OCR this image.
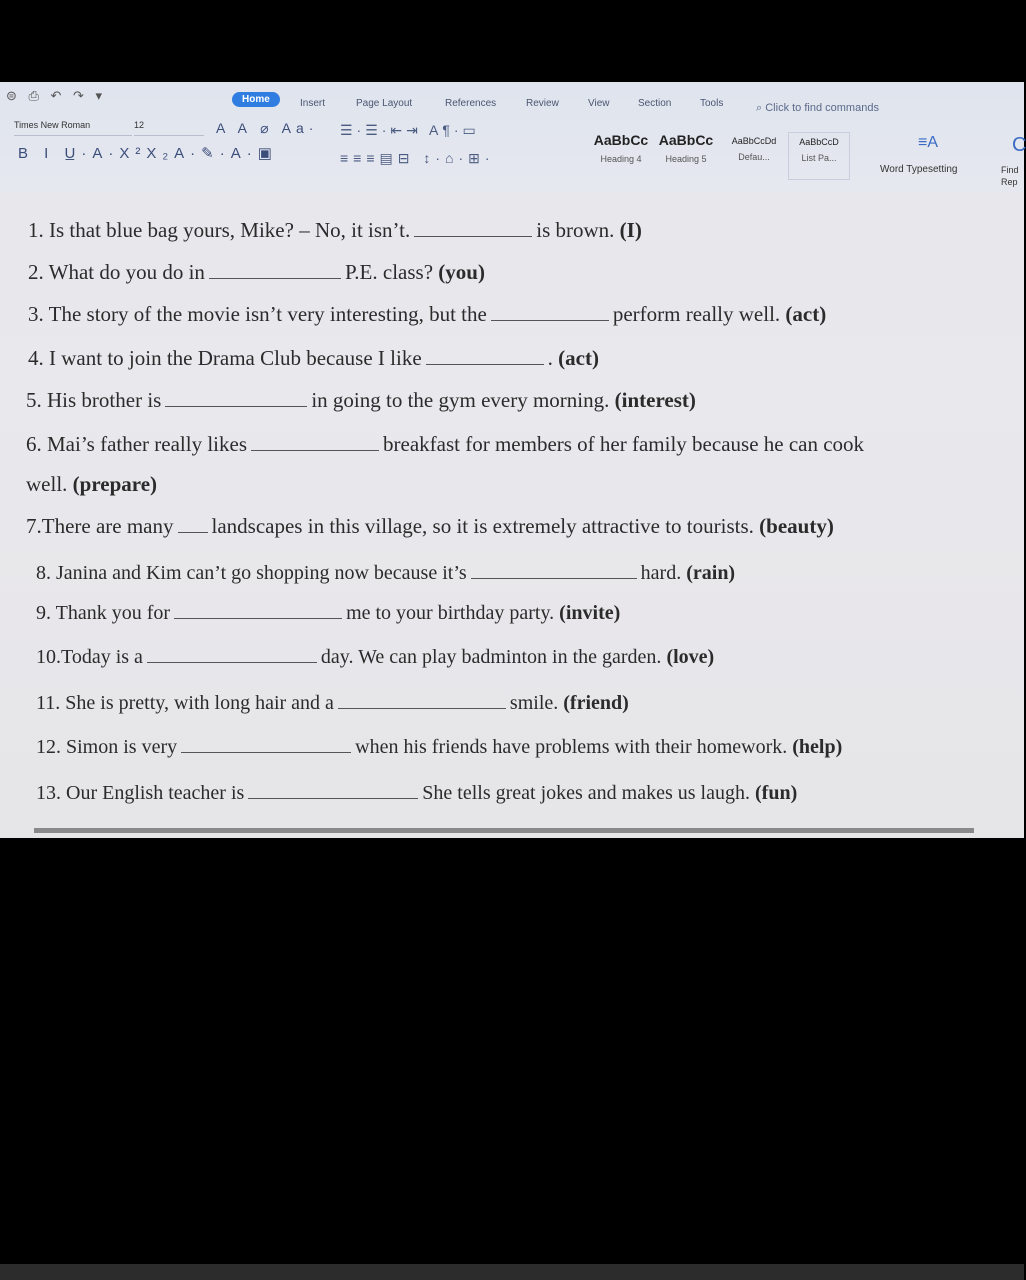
⊜ ⎙ ↶ ↷ ▾	Home	Insert	Page Layout	References	Review	View	Section	Tools	⌕ Click to find commands
Times New Roman	12
B I U̲·A·X²X₂A·✎·A·▣
A A ⌀ Aa· ☰·☰·⇤⇥ A¶·▭
≡≡≡▤⊟ ↕·⌂·⊞·
AaBbCc
Heading 4
AaBbCc
Heading 5
AaBbCcDd
Defau...
AaBbCcD
List Pa...
≡A
Word Typesetting
C
Find Rep
1. Is that blue bag yours, Mike? – No, it isn’t.	is brown. (I)
2. What do you do in	P.E. class? (you)
3. The story of the movie isn’t very interesting, but the	perform really well. (act)
4. I want to join the Drama Club because I like	. (act)
5. His brother is	in going to the gym every morning. (interest)
6. Mai’s father really likes	breakfast for members of her family because he can cook
well. (prepare)
7.There are many landscapes in this village, so it is extremely attractive to tourists. (beauty)
8. Janina and Kim can’t go shopping now because it’s	hard. (rain)
9. Thank you for	me to your birthday party. (invite)
10.Today is a	day. We can play badminton in the garden. (love)
11. She is pretty, with long hair and a	smile. (friend)
12. Simon is very	when his friends have problems with their homework. (help)
13. Our English teacher is	She tells great jokes and makes us laugh. (fun)
